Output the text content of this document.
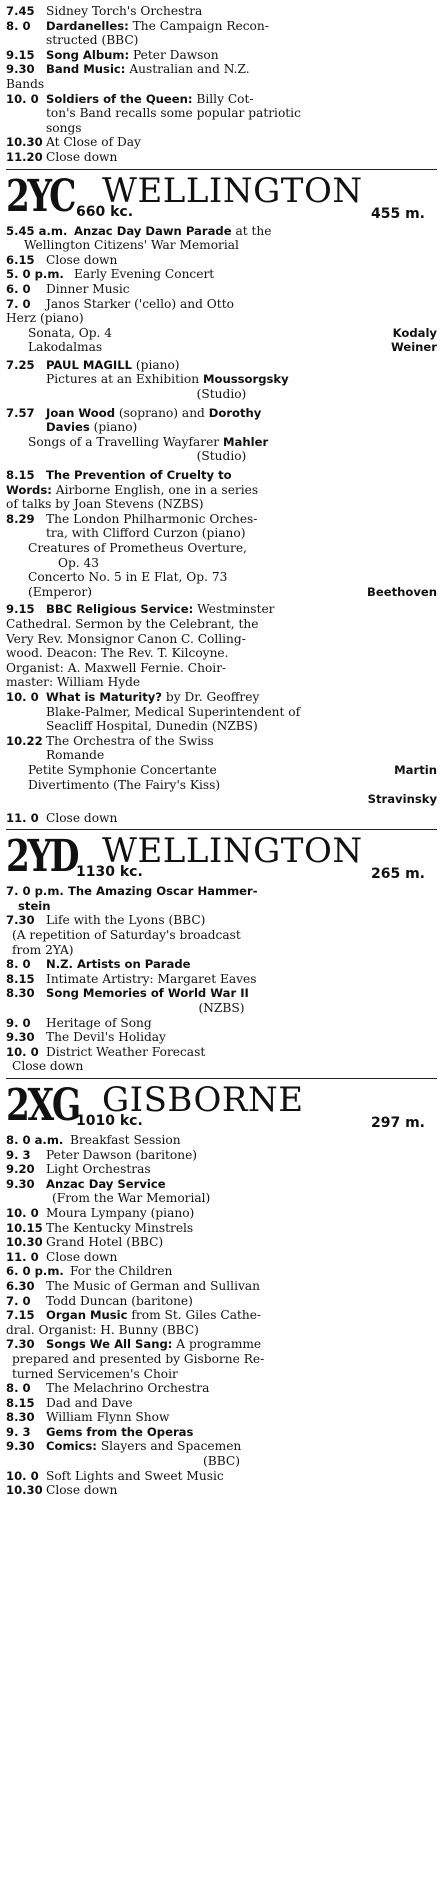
7.45 Sidney Torch's Orchestra
8. 0 Dardanelles: The Campaign Recon-
structed (BBC)
9.15 Song Album: Peter Dawson
9.30 Band Music: Australian and N.Z.
Bands
10. 0 Soldiers of the Queen: Billy Cot-
ton's Band recalls some popular patriotic
songs
10.30 At Close of Day
11.20 Close down
2YC WELLINGTON
660 kc.	455 m.
5.45 a.m. Anzac Day Dawn Parade at the
Wellington Citizens' War Memorial
6.15 Close down
5. 0 p.m. Early Evening Concert
6. 0 Dinner Music
7. 0 Janos Starker ('cello) and Otto
Herz (piano)
Sonata, Op. 4	Kodaly
Lakodalmas	Weiner
7.25 PAUL MAGILL (piano)
Pictures at an Exhibition Moussorgsky
(Studio)
7.57 Joan Wood (soprano) and Dorothy
Davies (piano)
Songs of a Travelling Wayfarer Mahler
(Studio)
8.15 The Prevention of Cruelty to
Words: Airborne English, one in a series
of talks by Joan Stevens (NZBS)
8.29 The London Philharmonic Orches-
tra, with Clifford Curzon (piano)
Creatures of Prometheus Overture,
Op. 43
Concerto No. 5 in E Flat, Op. 73
(Emperor)	Beethoven
9.15 BBC Religious Service: Westminster
Cathedral. Sermon by the Celebrant, the
Very Rev. Monsignor Canon C. Colling-
wood. Deacon: The Rev. T. Kilcoyne.
Organist: A. Maxwell Fernie. Choir-
master: William Hyde
10. 0 What is Maturity? by Dr. Geoffrey
Blake-Palmer, Medical Superintendent of
Seacliff Hospital, Dunedin (NZBS)
10.22 The Orchestra of the Swiss
Romande
Petite Symphonie Concertante	Martin
Divertimento (The Fairy's Kiss)
Stravinsky
11. 0 Close down
2YD WELLINGTON
1130 kc.	265 m.
7. 0 p.m. The Amazing Oscar Hammer-
stein
7.30 Life with the Lyons (BBC)
(A repetition of Saturday's broadcast
from 2YA)
8. 0 N.Z. Artists on Parade
8.15 Intimate Artistry: Margaret Eaves
8.30 Song Memories of World War II
(NZBS)
9. 0 Heritage of Song
9.30 The Devil's Holiday
10. 0 District Weather Forecast
Close down
2XG GISBORNE
1010 kc.	297 m.
8. 0 a.m. Breakfast Session
9. 3 Peter Dawson (baritone)
9.20 Light Orchestras
9.30 Anzac Day Service
(From the War Memorial)
10. 0 Moura Lympany (piano)
10.15 The Kentucky Minstrels
10.30 Grand Hotel (BBC)
11. 0 Close down
6. 0 p.m. For the Children
6.30 The Music of German and Sullivan
7. 0 Todd Duncan (baritone)
7.15 Organ Music from St. Giles Cathe-
dral. Organist: H. Bunny (BBC)
7.30 Songs We All Sang: A programme
prepared and presented by Gisborne Re-
turned Servicemen's Choir
8. 0 The Melachrino Orchestra
8.15 Dad and Dave
8.30 William Flynn Show
9. 3 Gems from the Operas
9.30 Comics: Slayers and Spacemen
(BBC)
10. 0 Soft Lights and Sweet Music
10.30 Close down
